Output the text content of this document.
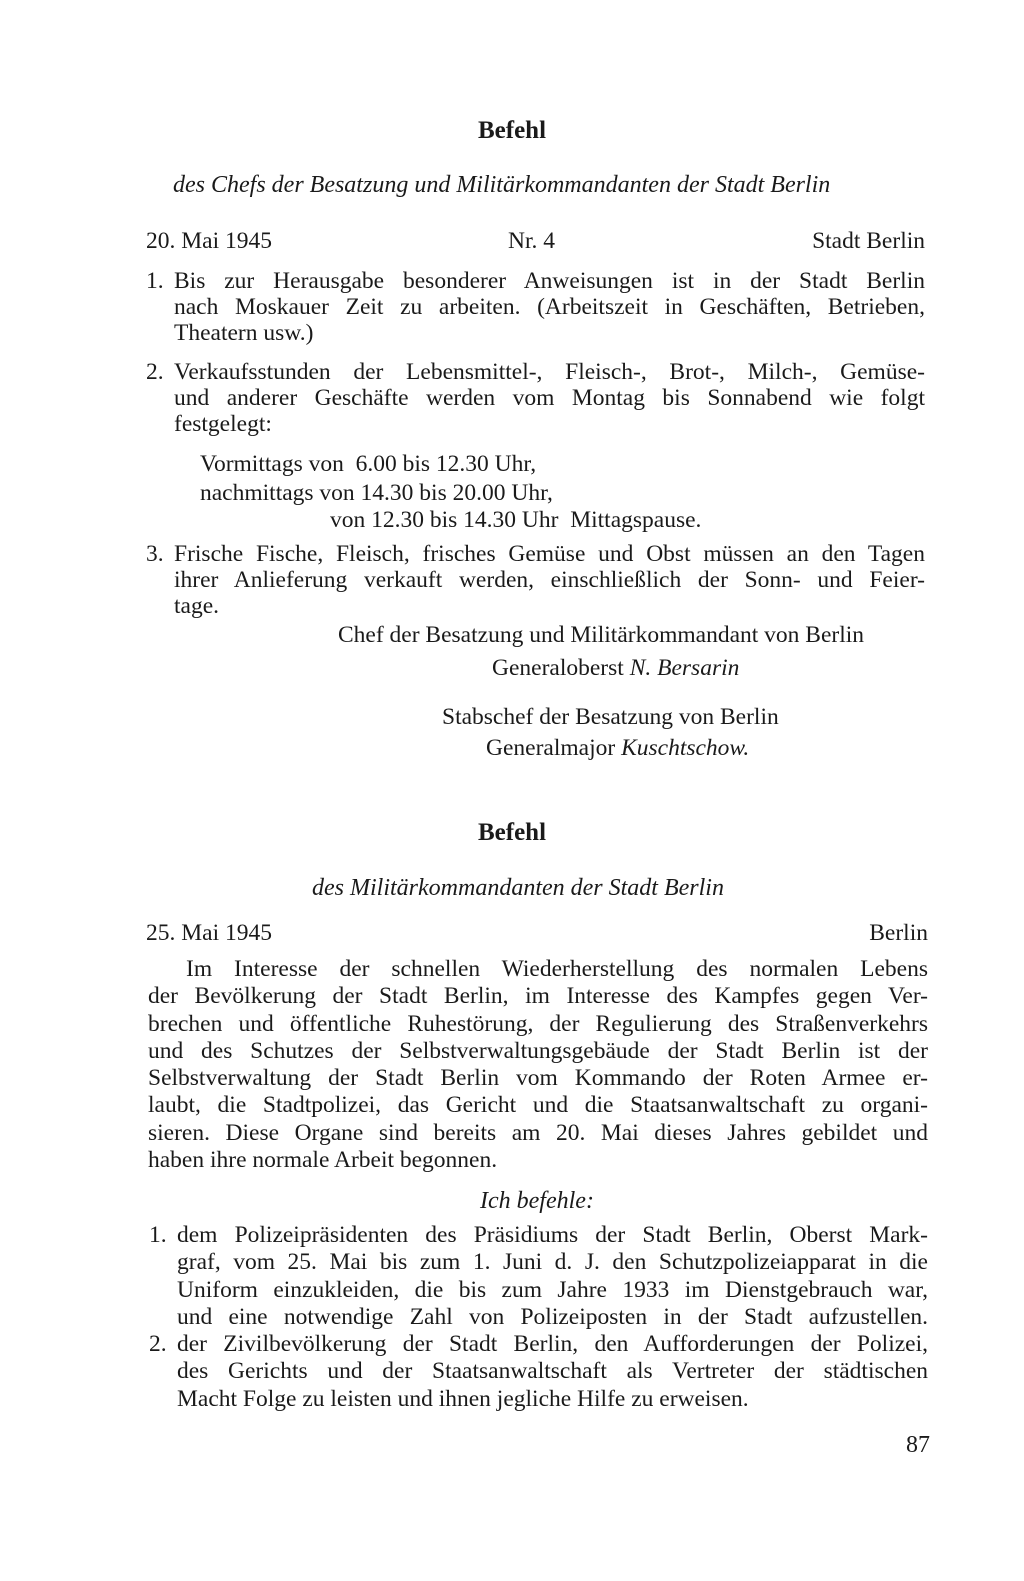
Befehl
des Chefs der Besatzung und Militärkommandanten der Stadt Berlin
20. Mai 1945	Nr. 4	Stadt Berlin
1. Bis zur Herausgabe besonderer Anweisungen ist in der Stadt Berlin
nach Moskauer Zeit zu arbeiten. (Arbeitszeit in Geschäften, Betrieben,
Theatern usw.)
2. Verkaufsstunden der Lebensmittel-, Fleisch-, Brot-, Milch-, Gemüse-
und anderer Geschäfte werden vom Montag bis Sonnabend wie folgt
festgelegt:
Vormittags von  6.00 bis 12.30 Uhr,
nachmittags von 14.30 bis 20.00 Uhr,
von 12.30 bis 14.30 Uhr  Mittagspause.
3. Frische Fische, Fleisch, frisches Gemüse und Obst müssen an den Tagen
ihrer Anlieferung verkauft werden, einschließlich der Sonn- und Feier-
tage.
Chef der Besatzung und Militärkommandant von Berlin
Generaloberst N. Bersarin
Stabschef der Besatzung von Berlin
Generalmajor Kuschtschow.
Befehl
des Militärkommandanten der Stadt Berlin
25. Mai 1945	Berlin
Im Interesse der schnellen Wiederherstellung des normalen Lebens
der Bevölkerung der Stadt Berlin, im Interesse des Kampfes gegen Ver-
brechen und öffentliche Ruhestörung, der Regulierung des Straßenverkehrs
und des Schutzes der Selbstverwaltungsgebäude der Stadt Berlin ist der
Selbstverwaltung der Stadt Berlin vom Kommando der Roten Armee er-
laubt, die Stadtpolizei, das Gericht und die Staatsanwaltschaft zu organi-
sieren. Diese Organe sind bereits am 20. Mai dieses Jahres gebildet und
haben ihre normale Arbeit begonnen.
Ich befehle:
1. dem Polizeipräsidenten des Präsidiums der Stadt Berlin, Oberst Mark-
graf, vom 25. Mai bis zum 1. Juni d. J. den Schutzpolizeiapparat in die
Uniform einzukleiden, die bis zum Jahre 1933 im Dienstgebrauch war,
und eine notwendige Zahl von Polizeiposten in der Stadt aufzustellen.
2. der Zivilbevölkerung der Stadt Berlin, den Aufforderungen der Polizei,
des Gerichts und der Staatsanwaltschaft als Vertreter der städtischen
Macht Folge zu leisten und ihnen jegliche Hilfe zu erweisen.
87
